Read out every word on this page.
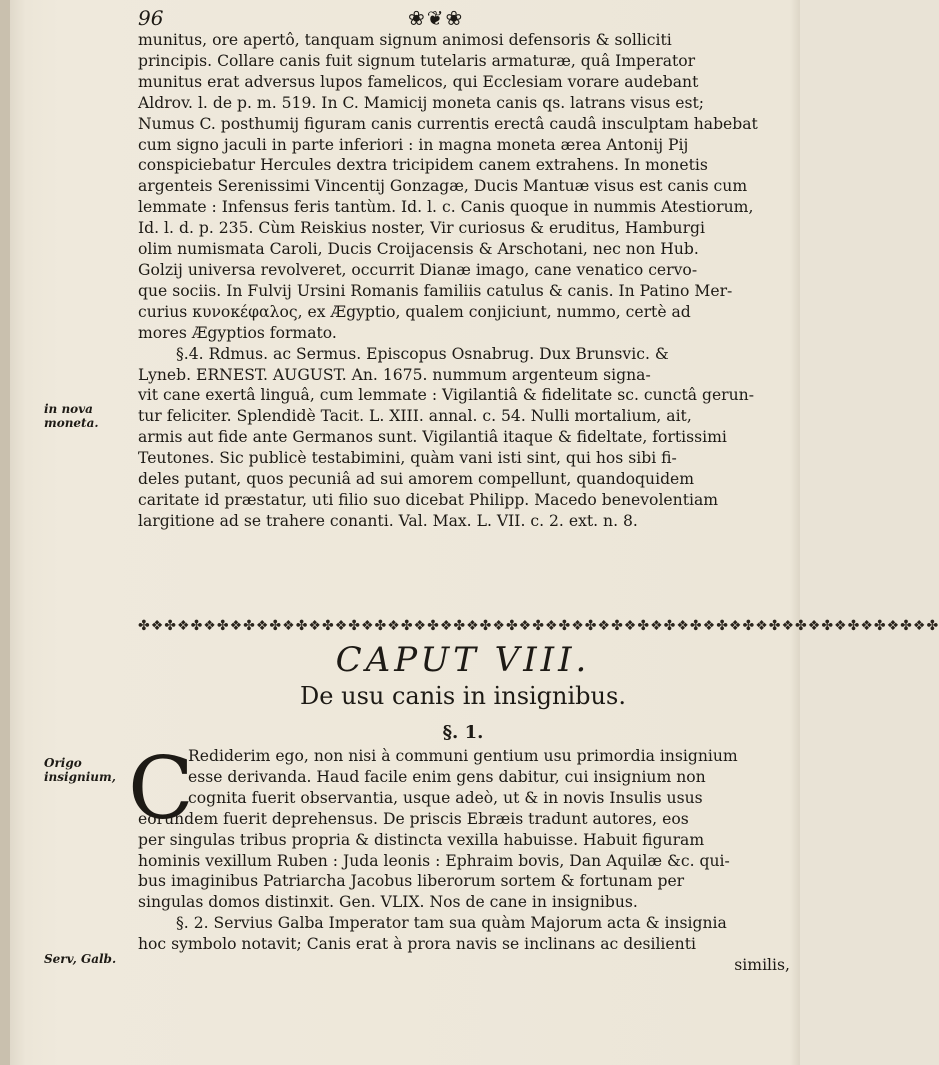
96	❀❦❀
in nova moneta.
Origo insignium,
Serv, Galb.
munitus, ore apertô, tanquam signum animosi defensoris & solliciti
principis. Collare canis fuit signum tutelaris armaturæ, quâ Imperator
munitus erat adversus lupos famelicos, qui Ecclesiam vorare audebant
Aldrov. l. de p. m. 519. In C. Mamicij moneta canis qs. latrans visus est;
Numus C. posthumij figuram canis currentis erectâ caudâ insculptam habebat
cum signo jaculi in parte inferiori : in magna moneta ærea Antonij Pij
conspiciebatur Hercules dextra tricipidem canem extrahens. In monetis
argenteis Serenissimi Vincentij Gonzagæ, Ducis Mantuæ visus est canis cum
lemmate : Infensus feris tantùm. Id. l. c. Canis quoque in nummis Atestiorum,
Id. l. d. p. 235. Cùm Reiskius noster, Vir curiosus & eruditus, Hamburgi
olim numismata Caroli, Ducis Croijacensis & Arschotani, nec non Hub.
Golzij universa revolveret, occurrit Dianæ imago, cane venatico cervo-
que sociis. In Fulvij Ursini Romanis familiis catulus & canis. In Patino Mer-
curius κυνοκέφαλος, ex Ægyptio, qualem conjiciunt, nummo, certè ad
mores Ægyptios formato.
§.4. Rdmus. ac Sermus. Episcopus Osnabrug. Dux Brunsvic. &
Lyneb. ERNEST. AUGUST. An. 1675. nummum argenteum signa-
vit cane exertâ linguâ, cum lemmate : Vigilantiâ & fidelitate sc. cunctâ gerun-
tur feliciter. Splendidè Tacit. L. XIII. annal. c. 54. Nulli mortalium, ait,
armis aut fide ante Germanos sunt. Vigilantiâ itaque & fideltate, fortissimi
Teutones. Sic publicè testabimini, quàm vani isti sint, qui hos sibi fi-
deles putant, quos pecuniâ ad sui amorem compellunt, quandoquidem
caritate id præstatur, uti filio suo dicebat Philipp. Macedo benevolentiam
largitione ad se trahere conanti. Val. Max. L. VII. c. 2. ext. n. 8.
✤❖✤❖✤❖✤❖✤❖✤❖✤❖✤❖✤❖✤❖✤❖✤❖✤❖✤❖✤❖✤❖✤❖✤❖✤❖✤❖✤❖✤❖✤❖✤❖✤❖✤❖✤❖✤❖✤❖✤❖✤
CAPUT VIII.
De usu canis in insignibus.
§. 1.
C
Rediderim ego, non nisi à communi gentium usu primordia insignium
esse derivanda. Haud facile enim gens dabitur, cui insignium non
cognita fuerit observantia, usque adeò, ut & in novis Insulis usus
eorundem fuerit deprehensus. De priscis Ebræis tradunt autores, eos
per singulas tribus propria & distincta vexilla habuisse. Habuit figuram
hominis vexillum Ruben : Juda leonis : Ephraim bovis, Dan Aquilæ &c. qui-
bus imaginibus Patriarcha Jacobus liberorum sortem & fortunam per
singulas domos distinxit. Gen. VLIX. Nos de cane in insignibus.
§. 2. Servius Galba Imperator tam sua quàm Majorum acta & insignia
hoc symbolo notavit; Canis erat à prora navis se inclinans ac desilienti
similis,
